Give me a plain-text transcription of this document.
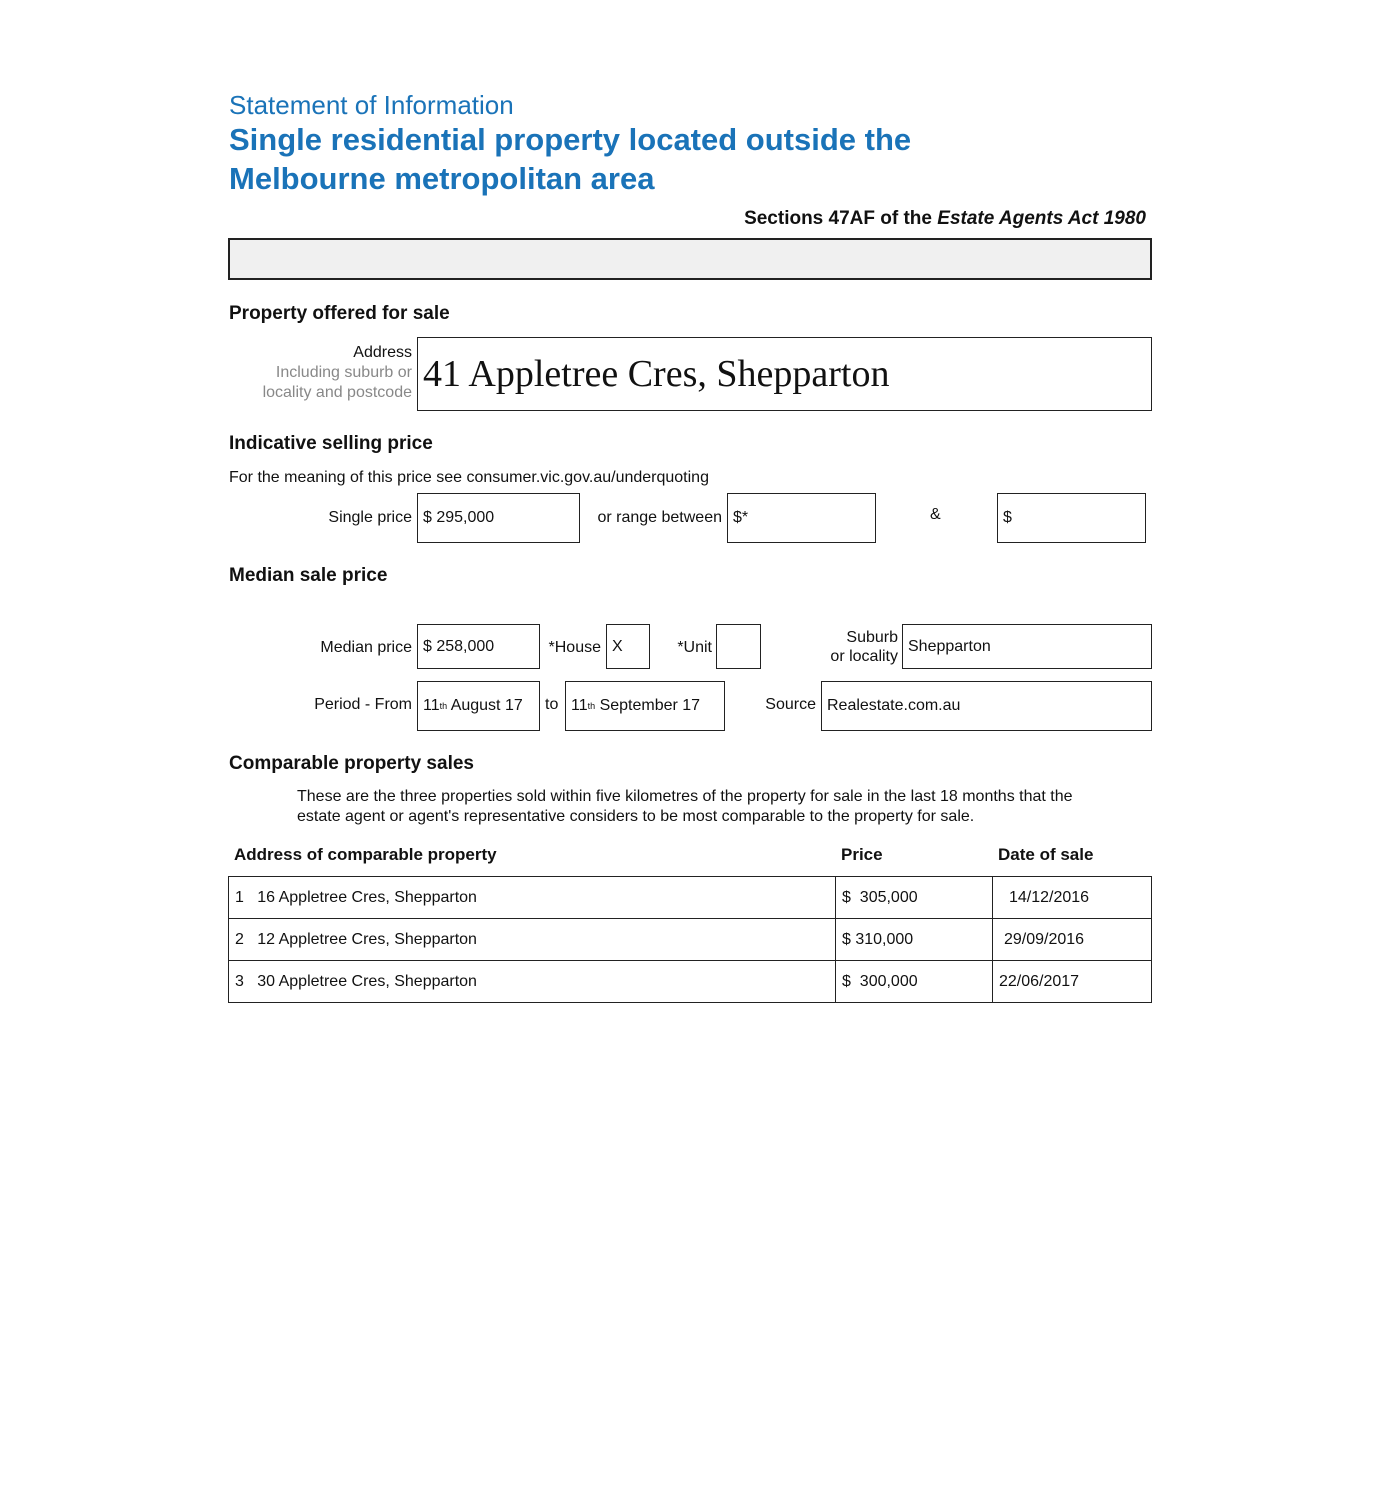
Statement of Information
Single residential property located outside the
Melbourne metropolitan area
Sections 47AF of the Estate Agents Act 1980
Property offered for sale
Address
Including suburb or
locality and postcode 41 Appletree Cres, Shepparton
Indicative selling price
For the meaning of this price see consumer.vic.gov.au/underquoting
Single price $ 295,000	or range between $*	&	$
Median sale price
Median price $ 258,000	*House X	*Unit
Suburb
or locality
Shepparton
Period - From 11 th August 17 to 11 th September 17	Source Realestate.com.au
Comparable property sales
These are the three properties sold within five kilometres of the property for sale in the last 18 months that the
estate agent or agent's representative considers to be most comparable to the property for sale.
Address of comparable property	Price	Date of sale
1 16 Appletree Cres, Shepparton	$  305,000	14/12/2016
2 12 Appletree Cres, Shepparton	$ 310,000	29/09/2016
3 30 Appletree Cres, Shepparton	$  300,000	22/06/2017
